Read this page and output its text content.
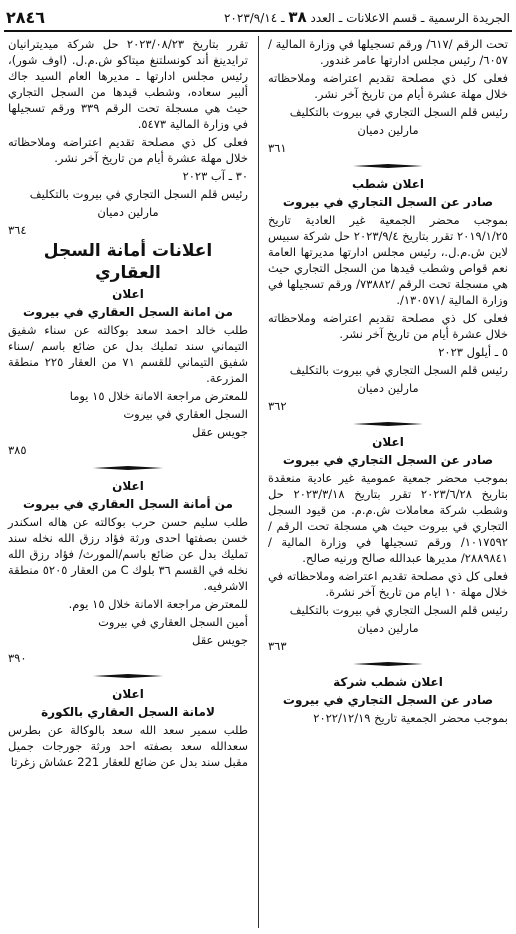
٢٨٤٦	الجريدة الرسمية ـ قسم الاعلانات ـ العدد ٣٨ ـ ٢٠٢٣/٩/١٤

تحت الرقم /٦١٧/ ورقم تسجيلها في وزارة المالية /٦٠٥٧/ رئيس مجلس ادارتها عامر غندور.

فعلى كل ذي مصلحة تقديم اعتراضه وملاحظاته خلال مهلة عشرة أيام من تاريخ آخر نشر.

رئيس قلم السجل التجاري في بيروت بالتكليف

مارلين دميان

٣٦١

اعلان شطب

صادر عن السجل التجاري في بيروت

بموجب محضر الجمعية غير العادية تاريخ ٢٠١٩/١/٢٥ تقرر بتاريخ ٢٠٢٣/٩/٤ حل شركة سبيس لاين ش.م.ل.، رئيس مجلس ادارتها مديرتها العامة نعم قواص وشطب قيدها من السجل التجاري حيث هي مسجلة تحت الرقم /٧٣٨٨٢/ ورقم تسجيلها في وزارة المالية /١٣٠٥٧١/.

فعلى كل ذي مصلحة تقديم اعتراضه وملاحظاته خلال عشرة أيام من تاريخ آخر نشر.

٥ ـ أيلول ٢٠٢٣

رئيس قلم السجل التجاري في بيروت بالتكليف

مارلين دميان

٣٦٢

اعلان

صادر عن السجل التجاري في بيروت

بموجب محضر جمعية عمومية غير عادية منعقدة بتاريخ ٢٠٢٣/٦/٢٨ تقرر بتاريخ ٢٠٢٣/٣/١٨ حل وشطب شركة معاملات ش.م.م. من قيود السجل التجاري في بيروت حيث هي مسجلة تحت الرقم /١٠١٧٥٩٢/ ورقم تسجيلها في وزارة المالية /٢٨٨٩٨٤١/ مديرها عبدالله صالح ورنيه صالح.

فعلى كل ذي مصلحة تقديم اعتراضه وملاحظاته في خلال مهلة ١٠ ايام من تاريخ آخر نشرة.

رئيس قلم السجل التجاري في بيروت بالتكليف

مارلين دميان

٣٦٣

اعلان شطب شركة

صادر عن السجل التجاري في بيروت

بموجب محضر الجمعية تاريخ ٢٠٢٢/١٢/١٩

تقرر بتاريخ ٢٠٢٣/٠٨/٢٣ حل شركة ميديترانيان ترايدينغ أند كونسلتنغ ميتاكو ش.م.ل. (اوف شور)، رئيس مجلس ادارتها ـ مديرها العام السيد جاك ألبير سعاده، وشطب قيدها من السجل التجاري حيث هي مسجلة تحت الرقم ٣٣٩ ورقم تسجيلها في وزارة المالية ٥٤٧٣.

فعلى كل ذي مصلحة تقديم اعتراضه وملاحظاته خلال مهلة عشرة أيام من تاريخ آخر نشر.

٣٠ ـ آب ٢٠٢٣

رئيس قلم السجل التجاري في بيروت بالتكليف

مارلين دميان

٣٦٤

اعلانات أمانة السجل العقاري

اعلان

من امانة السجل العقاري في بيروت

طلب خالد احمد سعد بوكالته عن سناء شفيق التيماني سند تمليك بدل عن ضائع باسم /سناء شفيق التيماني للقسم ٧١ من العقار ٢٢٥ منطقة المزرعة.

للمعترض مراجعة الامانة خلال ١٥ يوما

السجل العقاري في بيروت

جويس عقل

٣٨٥

اعلان

من أمانة السجل العقاري في بيروت

طلب سليم حسن حرب بوكالته عن هاله اسكندر خسن بصفتها احدى ورثة فؤاد رزق الله نخله سند تمليك بدل عن ضائع باسم/المورث/ فؤاد رزق الله نخله في القسم ٣٦ بلوك C من العقار ٥٢٠٥ منطقة الاشرفيه.

للمعترض مراجعة الامانة خلال ١٥ يوم.

أمين السجل العقاري في بيروت

جويس عقل

٣٩٠

اعلان

لامانة السجل العقاري بالكورة

طلب سمير سعد الله سعد بالوكالة عن بطرس سعدالله سعد بصفته احد ورثة جورجات جميل مقبل سند بدل عن ضائع للعقار 221 عشاش زغرتا
